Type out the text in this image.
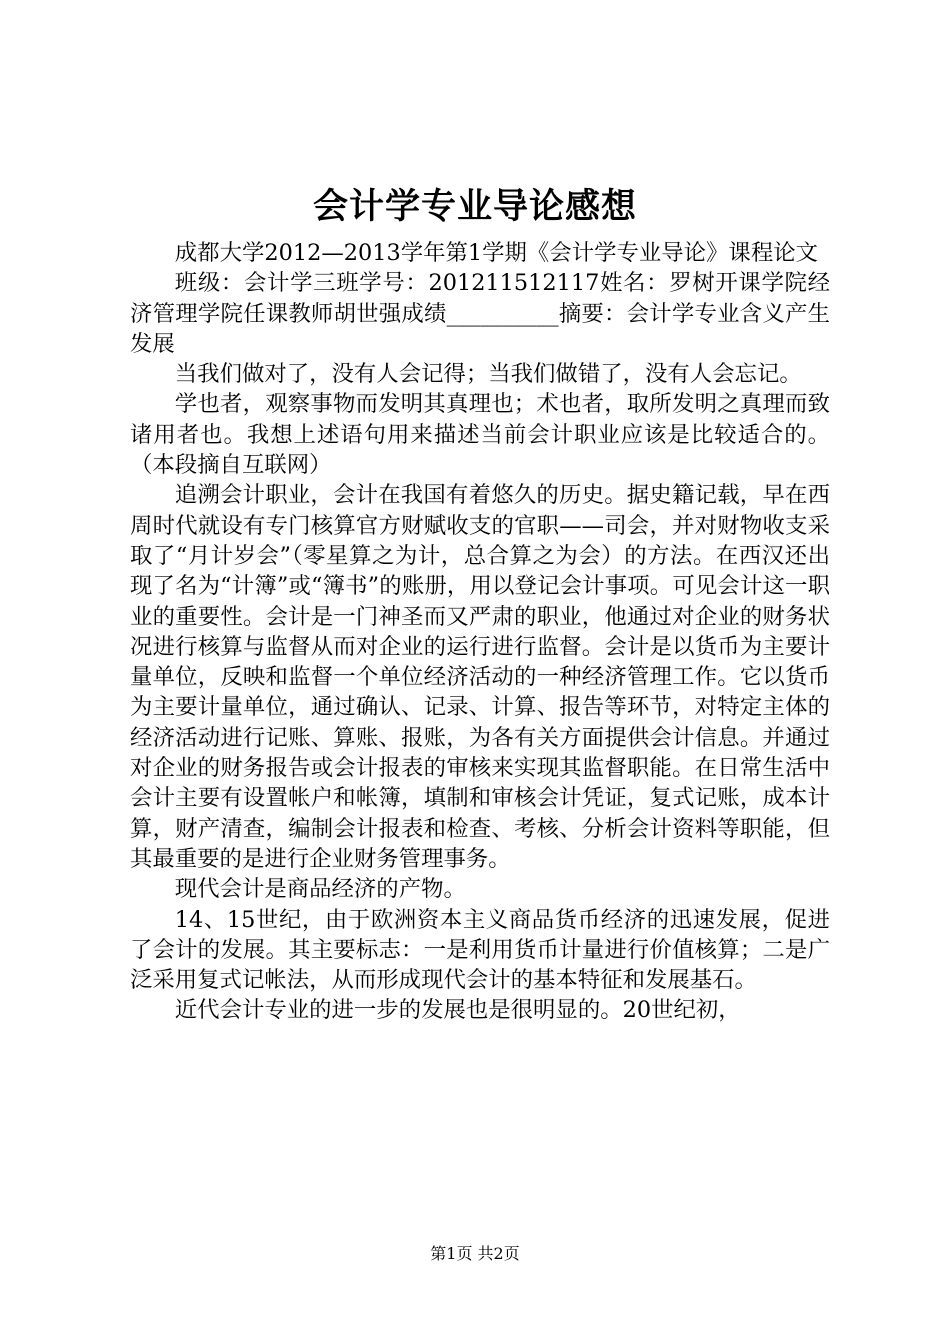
会计学专业导论感想

成都大学2012—2013学年第1学期《会计学专业导论》课程论文

班级：会计学三班学号：201211512117姓名：罗树开课学院经济管理学院任课教师胡世强成绩__________摘要：会计学专业含义产生发展

当我们做对了，没有人会记得；当我们做错了，没有人会忘记。

学也者，观察事物而发明其真理也；术也者，取所发明之真理而致诸用者也。我想上述语句用来描述当前会计职业应该是比较适合的。（本段摘自互联网）

追溯会计职业，会计在我国有着悠久的历史。据史籍记载，早在西周时代就设有专门核算官方财赋收支的官职——司会，并对财物收支采取了“月计岁会”（零星算之为计，总合算之为会）的方法。在西汉还出现了名为“计簿”或“簿书”的账册，用以登记会计事项。可见会计这一职业的重要性。会计是一门神圣而又严肃的职业，他通过对企业的财务状况进行核算与监督从而对企业的运行进行监督。会计是以货币为主要计量单位，反映和监督一个单位经济活动的一种经济管理工作。它以货币为主要计量单位，通过确认、记录、计算、报告等环节，对特定主体的经济活动进行记账、算账、报账，为各有关方面提供会计信息。并通过对企业的财务报告或会计报表的审核来实现其监督职能。在日常生活中会计主要有设置帐户和帐簿，填制和审核会计凭证，复式记账，成本计算，财产清查，编制会计报表和检查、考核、分析会计资料等职能，但其最重要的是进行企业财务管理事务。

现代会计是商品经济的产物。

14、15世纪，由于欧洲资本主义商品货币经济的迅速发展，促进了会计的发展。其主要标志：一是利用货币计量进行价值核算；二是广泛采用复式记帐法，从而形成现代会计的基本特征和发展基石。

近代会计专业的进一步的发展也是很明显的。20世纪初，

第1页 共2页
